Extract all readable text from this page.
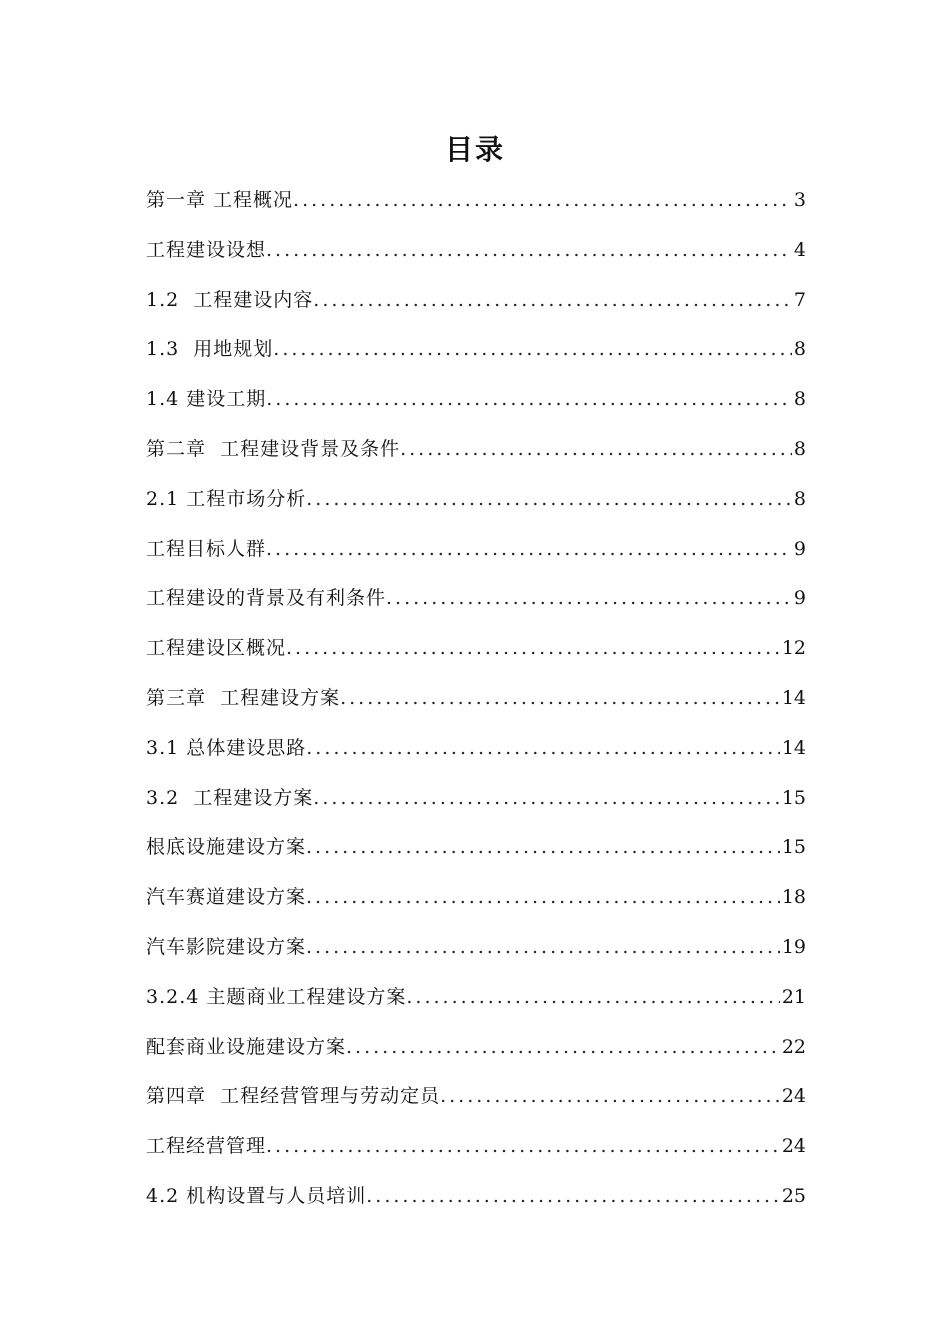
目录
第一章 工程概况 .....	3
工程建设设想 .....	4
1.2  工程建设内容 .....	7
1.3  用地规划 .....	8
1.4 建设工期 .....	8
第二章  工程建设背景及条件 .....	8
2.1 工程市场分析 .....	8
工程目标人群 .....	9
工程建设的背景及有利条件 .....	9
工程建设区概况 .....	12
第三章  工程建设方案 .....	14
3.1 总体建设思路 .....	14
3.2  工程建设方案 .....	15
根底设施建设方案 .....	15
汽车赛道建设方案 .....	18
汽车影院建设方案 .....	19
3.2.4 主题商业工程建设方案 .....	21
配套商业设施建设方案 .....	22
第四章  工程经营管理与劳动定员 .....	24
工程经营管理 .....	24
4.2 机构设置与人员培训 .....	25
